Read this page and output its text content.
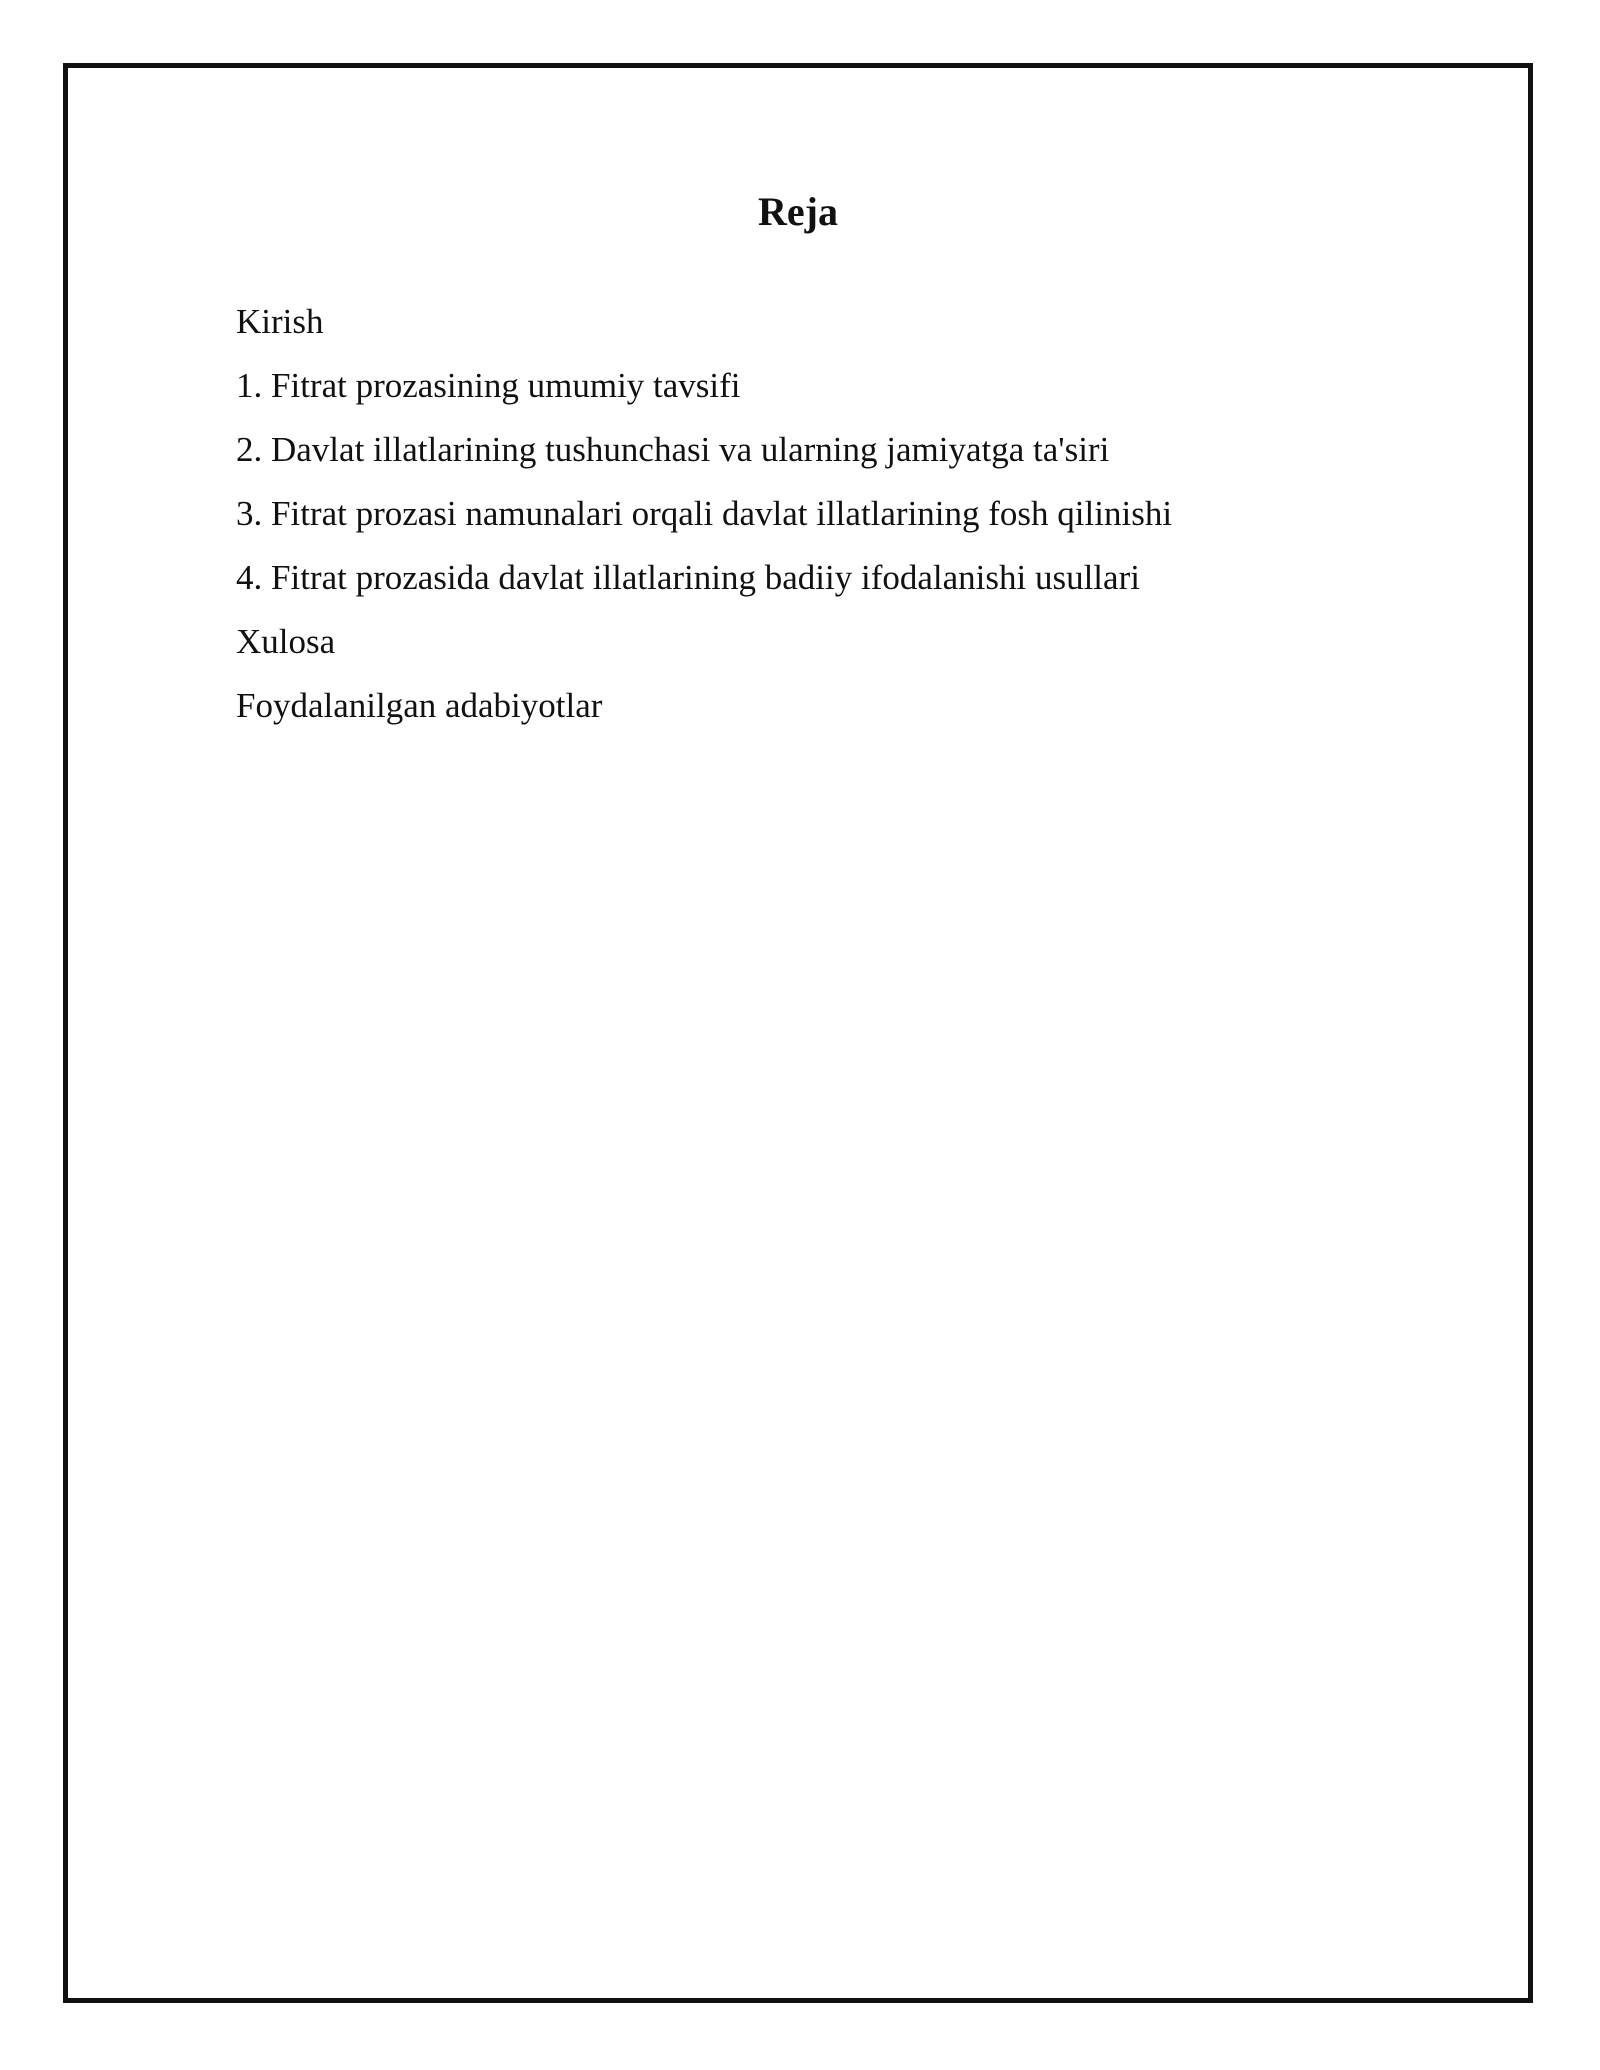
Reja
Kirish
1. Fitrat prozasining umumiy tavsifi
2. Davlat illatlarining tushunchasi va ularning jamiyatga ta'siri
3. Fitrat prozasi namunalari orqali davlat illatlarining fosh qilinishi
4. Fitrat prozasida davlat illatlarining badiiy ifodalanishi usullari
Xulosa
Foydalanilgan adabiyotlar
